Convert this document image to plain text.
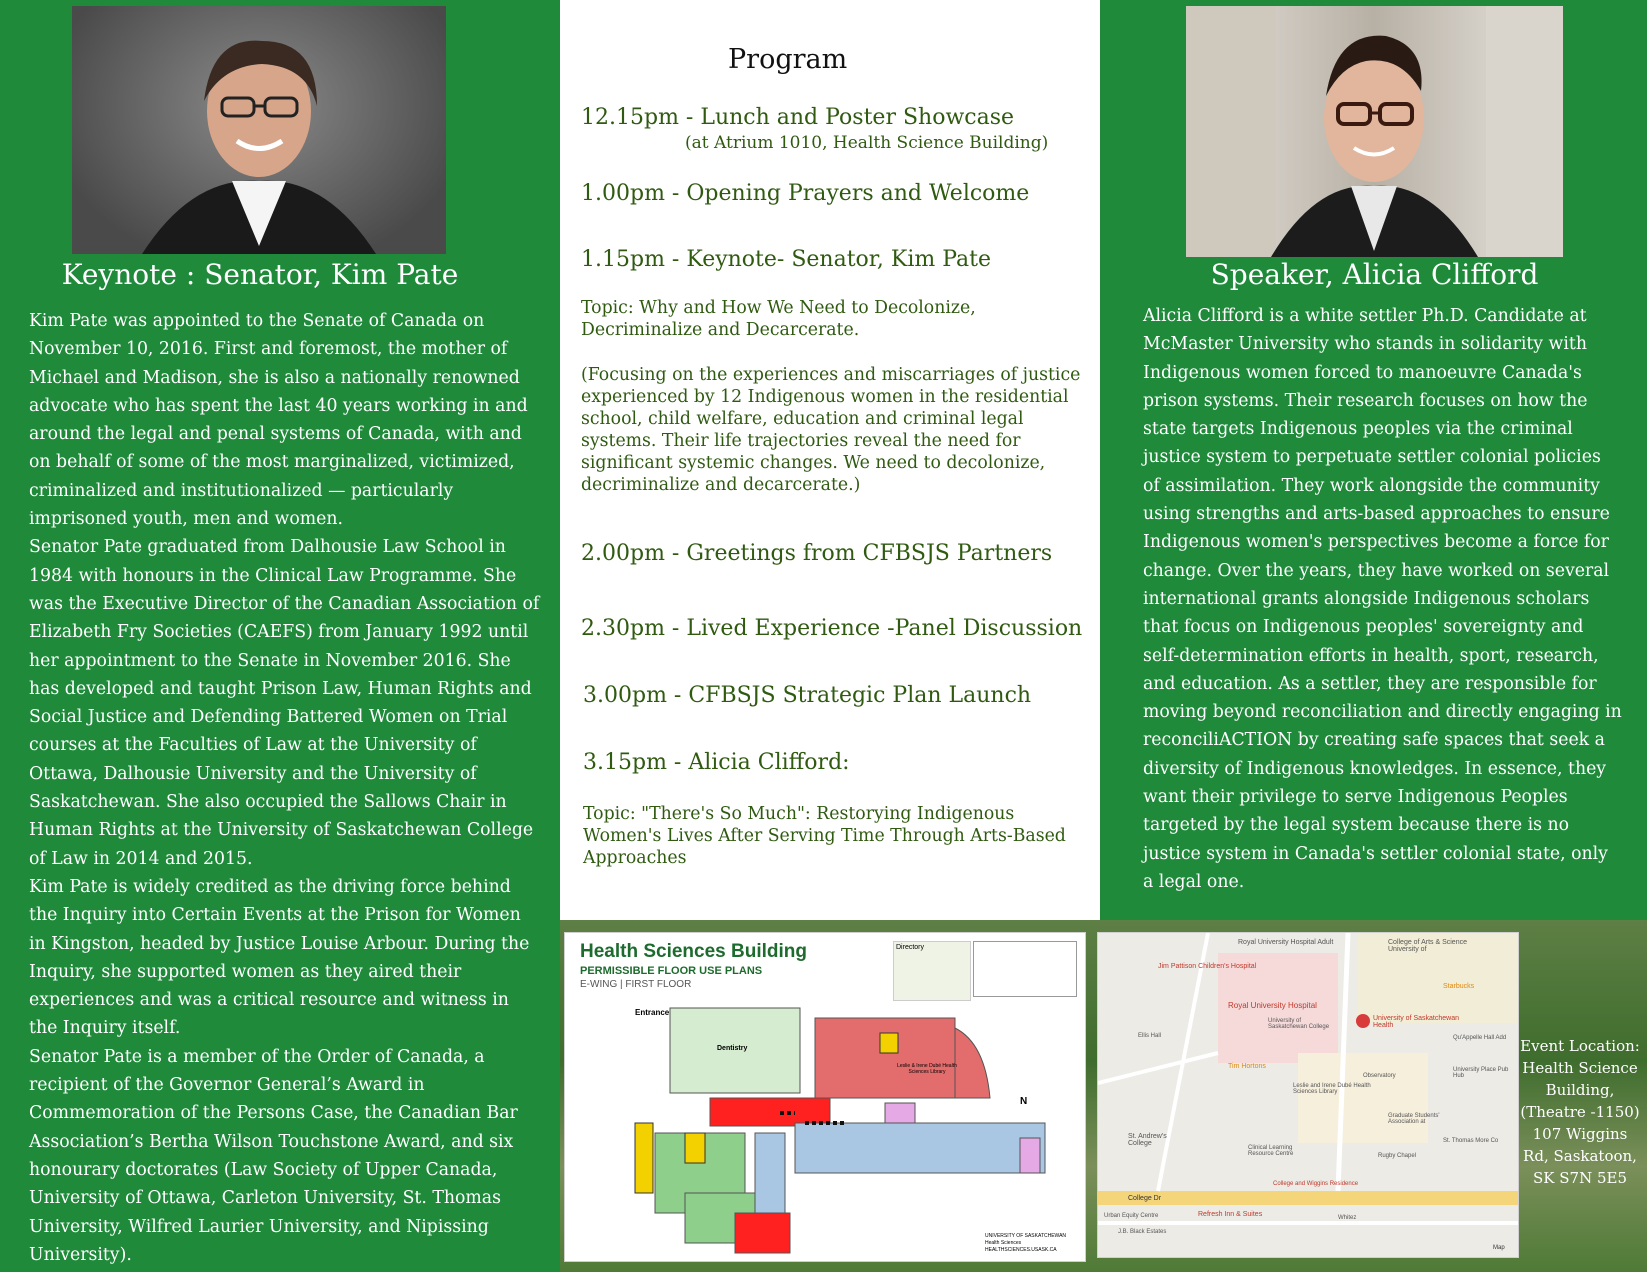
Keynote : Senator, Kim Pate

Kim Pate was appointed to the Senate of Canada on November 10, 2016. First and foremost, the mother of Michael and Madison, she is also a nationally renowned advocate who has spent the last 40 years working in and around the legal and penal systems of Canada, with and on behalf of some of the most marginalized, victimized, criminalized and institutionalized — particularly imprisoned youth, men and women.

Senator Pate graduated from Dalhousie Law School in 1984 with honours in the Clinical Law Programme. She was the Executive Director of the Canadian Association of Elizabeth Fry Societies (CAEFS) from January 1992 until her appointment to the Senate in November 2016. She has developed and taught Prison Law, Human Rights and Social Justice and Defending Battered Women on Trial courses at the Faculties of Law at the University of Ottawa, Dalhousie University and the University of Saskatchewan. She also occupied the Sallows Chair in Human Rights at the University of Saskatchewan College of Law in 2014 and 2015.

Kim Pate is widely credited as the driving force behind the Inquiry into Certain Events at the Prison for Women in Kingston, headed by Justice Louise Arbour. During the Inquiry, she supported women as they aired their experiences and was a critical resource and witness in the Inquiry itself.

Senator Pate is a member of the Order of Canada, a recipient of the Governor General’s Award in Commemoration of the Persons Case, the Canadian Bar Association’s Bertha Wilson Touchstone Award, and six honourary doctorates (Law Society of Upper Canada, University of Ottawa, Carleton University, St. Thomas University, Wilfred Laurier University, and Nipissing University).

Program
12.15pm - Lunch and Poster Showcase
(at Atrium 1010, Health Science Building)
1.00pm - Opening Prayers and Welcome
1.15pm - Keynote- Senator, Kim Pate
Topic: Why and How We Need to Decolonize, Decriminalize and Decarcerate.
(Focusing on the experiences and miscarriages of justice experienced by 12 Indigenous women in the residential school, child welfare, education and criminal legal systems. Their life trajectories reveal the need for significant systemic changes. We need to decolonize, decriminalize and decarcerate.)
2.00pm - Greetings from CFBSJS Partners
2.30pm - Lived Experience -Panel Discussion
3.00pm - CFBSJS Strategic Plan Launch
3.15pm - Alicia Clifford:
Topic: "There's So Much": Restorying Indigenous Women's Lives After Serving Time Through Arts-Based Approaches
Speaker, Alicia Clifford

Alicia Clifford is a white settler Ph.D. Candidate at McMaster University who stands in solidarity with Indigenous women forced to manoeuvre Canada's prison systems. Their research focuses on how the state targets Indigenous peoples via the criminal justice system to perpetuate settler colonial policies of assimilation. They work alongside the community using strengths and arts-based approaches to ensure Indigenous women's perspectives become a force for change. Over the years, they have worked on several international grants alongside Indigenous scholars that focus on Indigenous peoples' sovereignty and self-determination efforts in health, sport, research, and education. As a settler, they are responsible for moving beyond reconciliation and directly engaging in reconciliACTION by creating safe spaces that seek a diversity of Indigenous knowledges. In essence, they want their privilege to serve Indigenous Peoples targeted by the legal system because there is no justice system in Canada's settler colonial state, only a legal one.

Health Sciences Building
PERMISSIBLE FLOOR USE PLANS
E-WING | FIRST FLOOR
Directory
Entrance
Dentistry
Leslie & Irene Dubé Health Sciences Library
N
UNIVERSITY OF SASKATCHEWAN Health Sciences HEALTHSCIENCES.USASK.CA
Jim Pattison Children's Hospital
Royal University Hospital Adult	College of Arts & Science University of
Royal University Hospital
University of Saskatchewan College
University of Saskatchewan Health
Starbucks
Tim Hortons
Leslie and Irene Dubé Health Sciences Library
Graduate Students' Association at
St. Andrew's College
Clinical Learning Resource Centre	Rugby Chapel
St. Thomas More Co
College Dr
College and Wiggins Residence
Refresh Inn & Suites
Urban Equity Centre
J.B. Black Estates
Qu'Appelle Hall Add
University Place Pub Hub
Ellis Hall
Observatory
Whitez
Map
Event Location: Health Science Building, (Theatre -1150) 107 Wiggins Rd, Saskatoon, SK S7N 5E5
